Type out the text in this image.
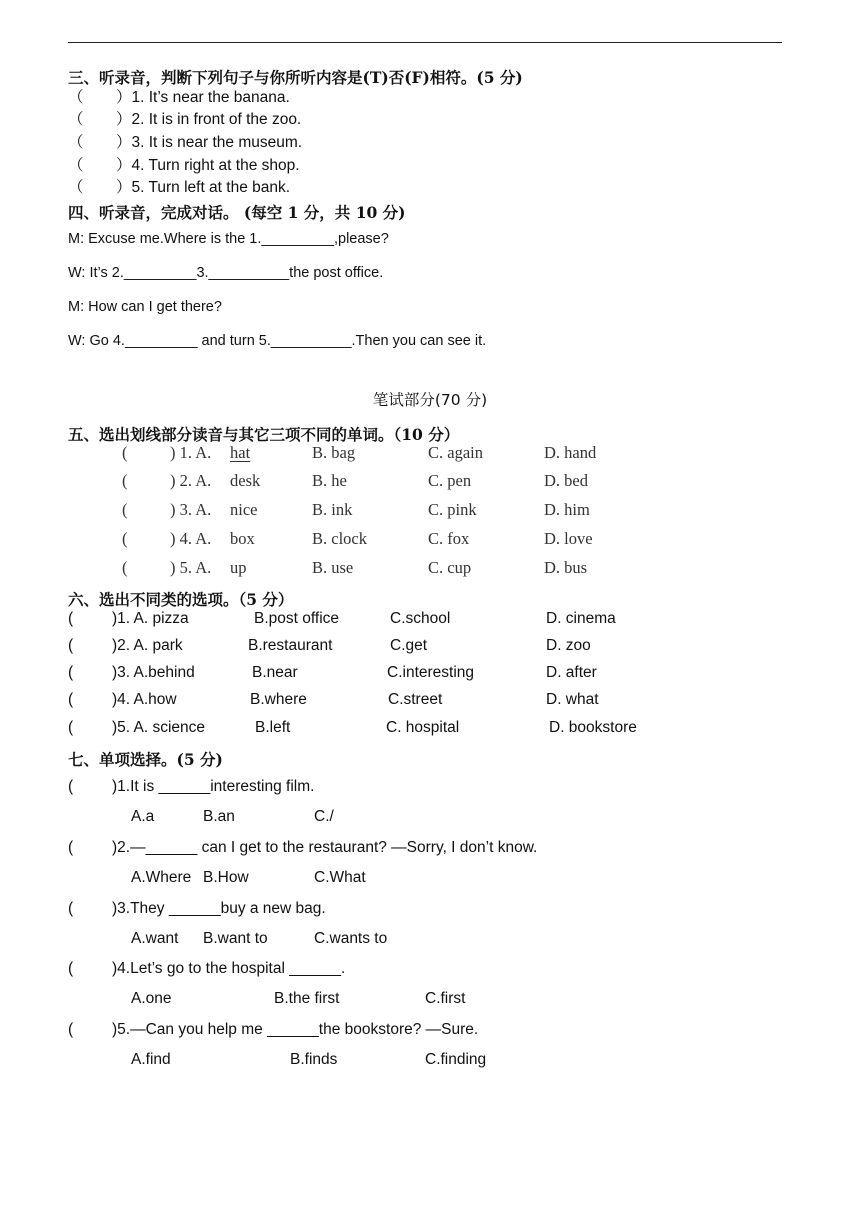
三、听录音，判断下列句子与你所听内容是(T)否(F)相符。(5 分)
（ ）1. It’s near the banana.
（ ）2. It is in front of the zoo.
（ ）3. It is near the museum.
（ ）4. Turn right at the shop.
（ ）5. Turn left at the bank.
四、听录音，完成对话。 (每空 1 分，共 10 分)
M: Excuse me.Where is the 1._________,please?
W: It’s 2._________3.__________the post office.
M: How can I get there?
W: Go 4._________ and turn 5.__________.Then you can see it.
笔试部分(70 分)
五、选出划线部分读音与其它三项不同的单词。（10 分）
(	) 1. A. hat	B. bag	C. again	D. hand
(	) 2. A. desk	B. he	C. pen	D. bed
(	) 3. A. nice	B. ink	C. pink	D. him
(	) 4. A. box	B. clock	C. fox	D. love
(	) 5. A. up	B. use	C. cup	D. bus
六、选出不同类的选项。（5 分）
(	)1. A. pizza	B.post office	C.school	D. cinema
(	)2. A. park	B.restaurant	C.get	D. zoo
(	)3. A.behind	B.near	C.interesting	D. after
(	)4. A.how	B.where	C.street	D. what
(	)5. A. science	B.left	C. hospital	D. bookstore
七、单项选择。(5 分)
(	)1.It is ______interesting film.
A.a	B.an	C./
(	)2.—______ can I get to the restaurant? —Sorry, I don’t know.
A.Where B.How	C.What
(	)3.They ______buy a new bag.
A.want B.want to	C.wants to
(	)4.Let’s go to the hospital ______.
A.one	B.the first	C.first
(	)5.—Can you help me ______the bookstore? —Sure.
A.find	B.finds	C.finding
